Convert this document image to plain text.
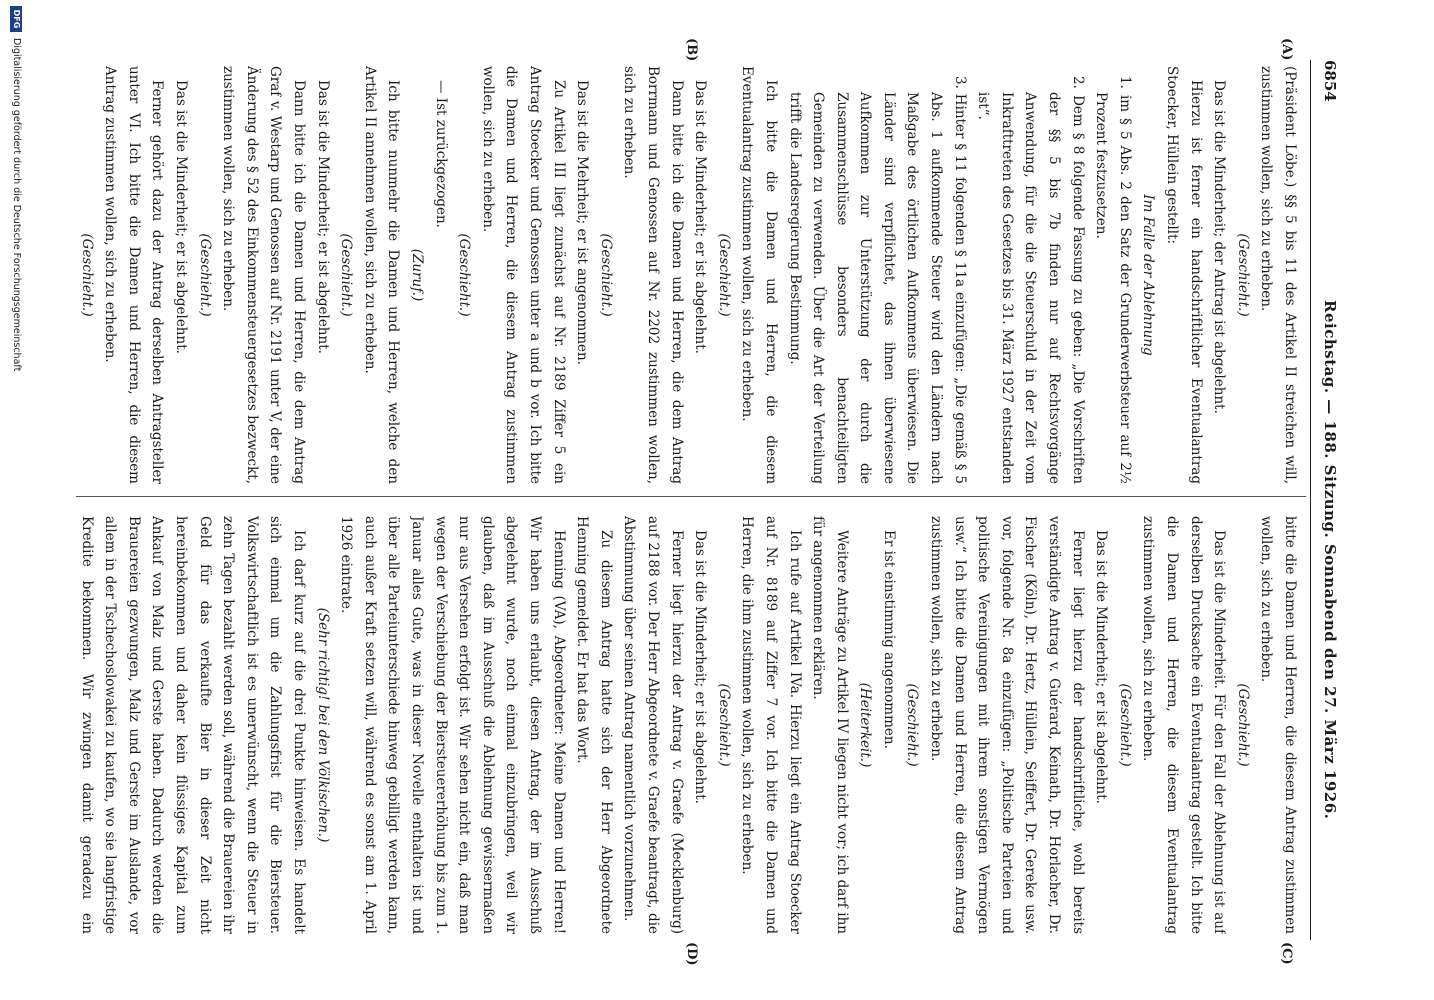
6854
Reichstag. — 188. Sitzung. Sonnabend den 27. März 1926.
(A)
(B)
(C)
(D)

(Präsident Löbe.) §§ 5 bis 11 des Artikel II streichen will, zustimmen wollen, sich zu erheben.

(Geschieht.)

Das ist die Minderheit; der Antrag ist abgelehnt.

Hierzu ist ferner ein handschriftlicher Eventualantrag Stoecker, Hüllein gestellt:

Im Falle der Ablehnung

1. im § 5 Abs. 2 den Satz der Grunderwerbsteuer auf 2½ Prozent festzusetzen.

2. Dem § 8 folgende Fassung zu geben: „Die Vorschriften der §§ 5 bis 7b finden nur auf Rechtsvorgänge Anwendung, für die die Steuerschuld in der Zeit vom Inkrafttreten des Gesetzes bis 31. März 1927 entstanden ist“.

3. Hinter § 11 folgenden § 11a einzufügen: „Die gemäß § 5 Abs. 1 aufkommende Steuer wird den Ländern nach Maßgabe des örtlichen Aufkommens überwiesen. Die Länder sind verpflichtet, das ihnen überwiesene Aufkommen zur Unterstützung der durch die Zusammenschlüsse besonders benachteiligten Gemeinden zu verwenden. Über die Art der Verteilung trifft die Landesregierung Bestimmung.

Ich bitte die Damen und Herren, die diesem Eventualantrag zustimmen wollen, sich zu erheben.

(Geschieht.)

Das ist die Minderheit; er ist abgelehnt.

Dann bitte ich die Damen und Herren, die dem Antrag Borrmann und Genossen auf Nr. 2202 zustimmen wollen, sich zu erheben.

(Geschieht.)

Das ist die Mehrheit; er ist angenommen.

Zu Artikel III liegt zunächst auf Nr. 2189 Ziffer 5 ein Antrag Stoecker und Genossen unter a und b vor. Ich bitte die Damen und Herren, die diesem Antrag zustimmen wollen, sich zu erheben.

(Geschieht.)

— Ist zurückgezogen.

(Zuruf.)

Ich bitte nunmehr die Damen und Herren, welche den Artikel II annehmen wollen, sich zu erheben.

(Geschieht.)

Das ist die Minderheit; er ist abgelehnt.

Dann bitte ich die Damen und Herren, die dem Antrag Graf v. Westarp und Genossen auf Nr. 2191 unter V, der eine Änderung des § 52 des Einkommensteuergesetzes bezweckt, zustimmen wollen, sich zu erheben.

(Geschieht.)

Das ist die Minderheit; er ist abgelehnt.

Ferner gehört dazu der Antrag derselben Antragsteller unter VI. Ich bitte die Damen und Herren, die diesem Antrag zustimmen wollen, sich zu erheben.

(Geschieht.)

bitte die Damen und Herren, die diesem Antrag zustimmen wollen, sich zu erheben.

(Geschieht.)

Das ist die Minderheit. Für den Fall der Ablehnung ist auf derselben Drucksache ein Eventualantrag gestellt. Ich bitte die Damen und Herren, die diesem Eventualantrag zustimmen wollen, sich zu erheben.

(Geschieht.)

Das ist die Minderheit; er ist abgelehnt.

Ferner liegt hierzu der handschriftliche, wohl bereits verständigte Antrag v. Guérard, Keinath, Dr. Horlacher, Dr. Fischer (Köln), Dr. Hertz, Hüllein, Seiffert, Dr. Gereke usw. vor, folgende Nr. 8a einzufügen: „Politische Parteien und politische Vereinigungen mit ihrem sonstigen Vermögen usw.“ Ich bitte die Damen und Herren, die diesem Antrag zustimmen wollen, sich zu erheben.

(Geschieht.)

Er ist einstimmig angenommen.

(Heiterkeit.)

Weitere Anträge zu Artikel IV liegen nicht vor; ich darf ihn für angenommen erklären.

Ich rufe auf Artikel IVa. Hierzu liegt ein Antrag Stoecker auf Nr. 8189 auf Ziffer 7 vor. Ich bitte die Damen und Herren, die ihm zustimmen wollen, sich zu erheben.

(Geschieht.)

Das ist die Minderheit; er ist abgelehnt.

Ferner liegt hierzu der Antrag v. Graefe (Mecklenburg) auf 2188 vor. Der Herr Abgeordnete v. Graefe beantragt, die Abstimmung über seinen Antrag namentlich vorzunehmen.

Zu diesem Antrag hatte sich der Herr Abgeordnete Henning gemeldet. Er hat das Wort.

Henning (VA), Abgeordneter: Meine Damen und Herren! Wir haben uns erlaubt, diesen Antrag, der im Ausschuß abgelehnt wurde, noch einmal einzubringen, weil wir glauben, daß im Ausschuß die Ablehnung gewissermaßen nur aus Versehen erfolgt ist. Wir sehen nicht ein, daß man wegen der Verschiebung der Biersteuererhöhung bis zum 1. Januar alles Gute, was in dieser Novelle enthalten ist und über alle Parteiunterschiede hinweg gebilligt werden kann, auch außer Kraft setzen will, während es sonst am 1. April 1926 eintrate.

(Sehr richtig! bei den Völkischen.)

Ich darf kurz auf die drei Punkte hinweisen. Es handelt sich einmal um die Zahlungsfrist für die Biersteuer. Volkswirtschaftlich ist es unerwünscht, wenn die Steuer in zehn Tagen bezahlt werden soll, während die Brauereien ihr Geld für das verkaufte Bier in dieser Zeit nicht hereinbekommen und daher kein flüssiges Kapital zum Ankauf von Malz und Gerste haben. Dadurch werden die Brauereien gezwungen, Malz und Gerste im Auslande, vor allem in der Tschechoslowakei zu kaufen, wo sie langfristige Kredite bekommen. Wir zwingen damit geradezu ein

DFG
Digitalisierung gefördert durch die Deutsche Forschungsgemeinschaft
